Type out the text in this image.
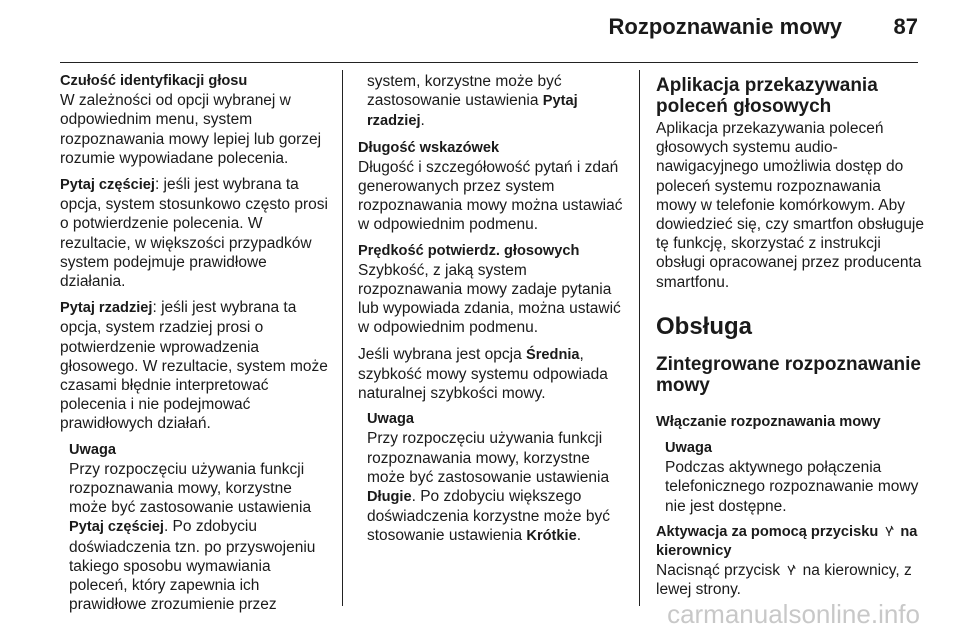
Rozpoznawanie mowy 87
Czułość identyfikacji głosu

W zależności od opcji wybranej w odpowiednim menu, system rozpoznawania mowy lepiej lub gorzej rozumie wypowiadane polecenia.

Pytaj częściej: jeśli jest wybrana ta opcja, system stosunkowo często prosi o potwierdzenie polecenia. W rezultacie, w większości przypadków system podejmuje prawidłowe działania.

Pytaj rzadziej: jeśli jest wybrana ta opcja, system rzadziej prosi o potwierdzenie wprowadzenia głosowego. W rezultacie, system może czasami błędnie interpretować polecenia i nie podejmować prawidłowych działań.

Uwaga
Przy rozpoczęciu używania funkcji rozpoznawania mowy, korzystne może być zastosowanie ustawienia Pytaj częściej. Po zdobyciu doświadczenia tzn. po przyswojeniu takiego sposobu wymawiania poleceń, który zapewnia ich prawidłowe zrozumienie przez
system, korzystne może być zastosowanie ustawienia Pytaj rzadziej.
Długość wskazówek

Długość i szczegółowość pytań i zdań generowanych przez system rozpoznawania mowy można ustawiać w odpowiednim podmenu.

Prędkość potwierdz. głosowych

Szybkość, z jaką system rozpoznawania mowy zadaje pytania lub wypowiada zdania, można ustawić w odpowiednim podmenu.

Jeśli wybrana jest opcja Średnia, szybkość mowy systemu odpowiada naturalnej szybkości mowy.

Uwaga
Przy rozpoczęciu używania funkcji rozpoznawania mowy, korzystne może być zastosowanie ustawienia Długie. Po zdobyciu większego doświadczenia korzystne może być stosowanie ustawienia Krótkie.
Aplikacja przekazywania poleceń głosowych

Aplikacja przekazywania poleceń głosowych systemu audio-nawigacyjnego umożliwia dostęp do poleceń systemu rozpoznawania mowy w telefonie komórkowym. Aby dowiedzieć się, czy smartfon obsługuje tę funkcję, skorzystać z instrukcji obsługi opracowanej przez producenta smartfonu.

Obsługa
Zintegrowane rozpoznawanie mowy
Włączanie rozpoznawania mowy
Uwaga
Podczas aktywnego połączenia telefonicznego rozpoznawanie mowy nie jest dostępne.
Aktywacja za pomocą przycisku na kierownicy

Nacisnąć przycisk na kierownicy, z lewej strony.

carmanualsonline.info
